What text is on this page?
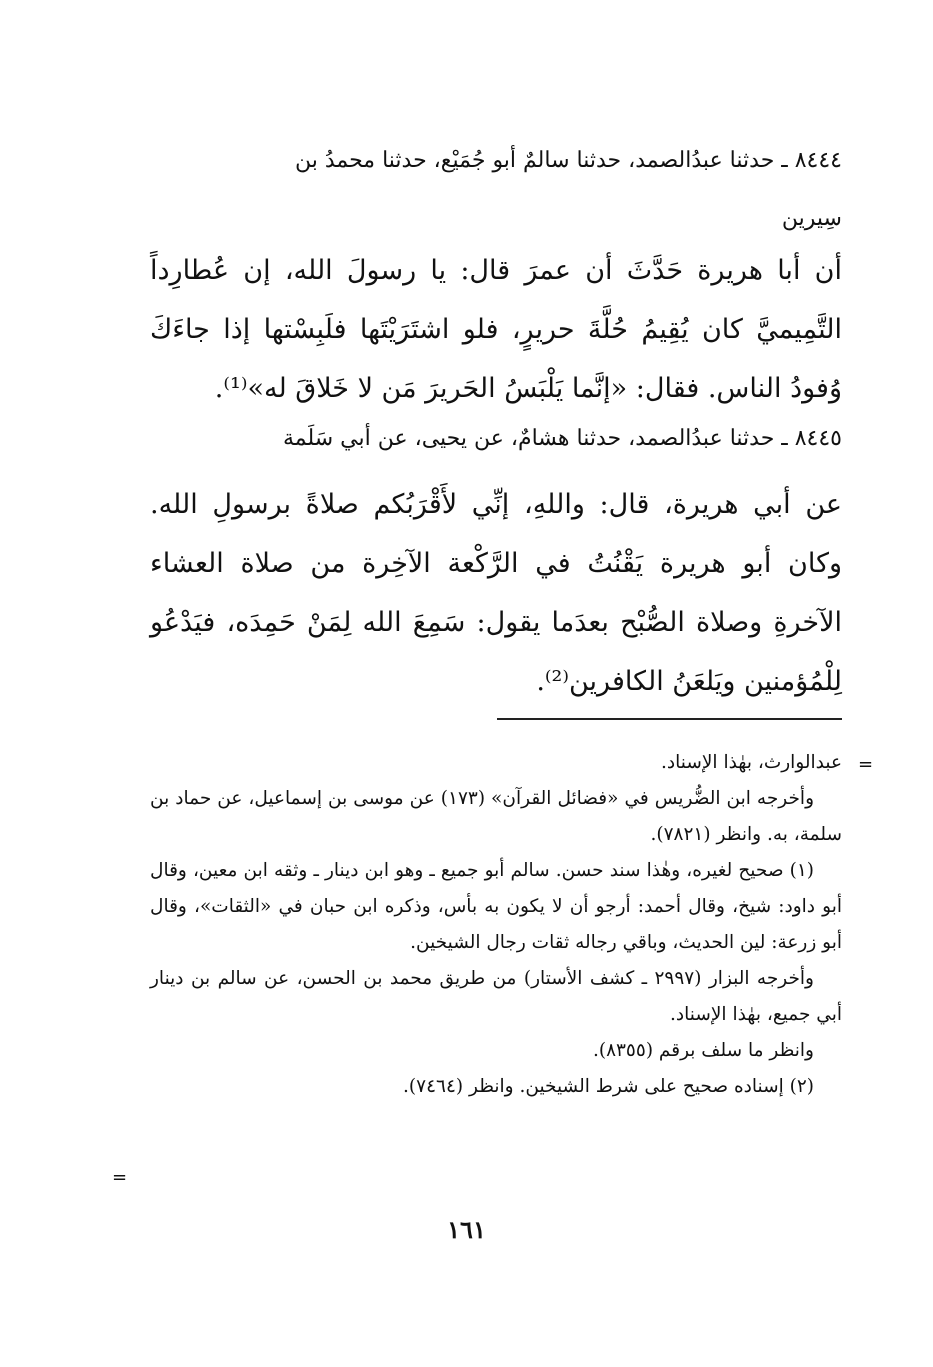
٨٤٤٤ ـ حدثنا عبدُالصمد، حدثنا سالمٌ أبو جُمَيْع، حدثنا محمدُ بن
سِيرين
أن أبا هريرة حَدَّثَ أن عمرَ قال: يا رسولَ الله، إن عُطارِداً التَّمِيميَّ كان يُقِيمُ حُلَّةَ حريرٍ، فلو اشتَرَيْتَها فلَبِسْتها إذا جاءَكَ وُفودُ الناس. فقال: «إنَّما يَلْبَسُ الحَريرَ مَن لا خَلاقَ له»⁽¹⁾.
٨٤٤٥ ـ حدثنا عبدُالصمد، حدثنا هشامٌ، عن يحيى، عن أبي سَلَمة
عن أبي هريرة، قال: واللهِ، إنِّي لأَقْرَبُكم صلاةً برسولِ الله. وكان أبو هريرة يَقْنُتُ في الرَّكْعة الآخِرة من صلاة العشاء الآخرةِ وصلاة الصُّبْح بعدَما يقول: سَمِعَ الله لِمَنْ حَمِدَه، فيَدْعُو لِلْمُؤمنين ويَلعَنُ الكافرين⁽²⁾.
=
عبدالوارث، بهٰذا الإسناد.
وأخرجه ابن الضُّريس في «فضائل القرآن» (١٧٣) عن موسى بن إسماعيل، عن حماد بن سلمة، به. وانظر (٧٨٢١).
(١) صحيح لغيره، وهٰذا سند حسن. سالم أبو جميع ـ وهو ابن دينار ـ وثقه ابن معين، وقال أبو داود: شيخ، وقال أحمد: أرجو أن لا يكون به بأس، وذكره ابن حبان في «الثقات»، وقال أبو زرعة: لين الحديث، وباقي رجاله ثقات رجال الشيخين.
وأخرجه البزار (٢٩٩٧ ـ كشف الأستار) من طريق محمد بن الحسن، عن سالم بن دينار أبي جميع، بهٰذا الإسناد.
وانظر ما سلف برقم (٨٣٥٥).
(٢) إسناده صحيح على شرط الشيخين. وانظر (٧٤٦٤).
=
١٦١
